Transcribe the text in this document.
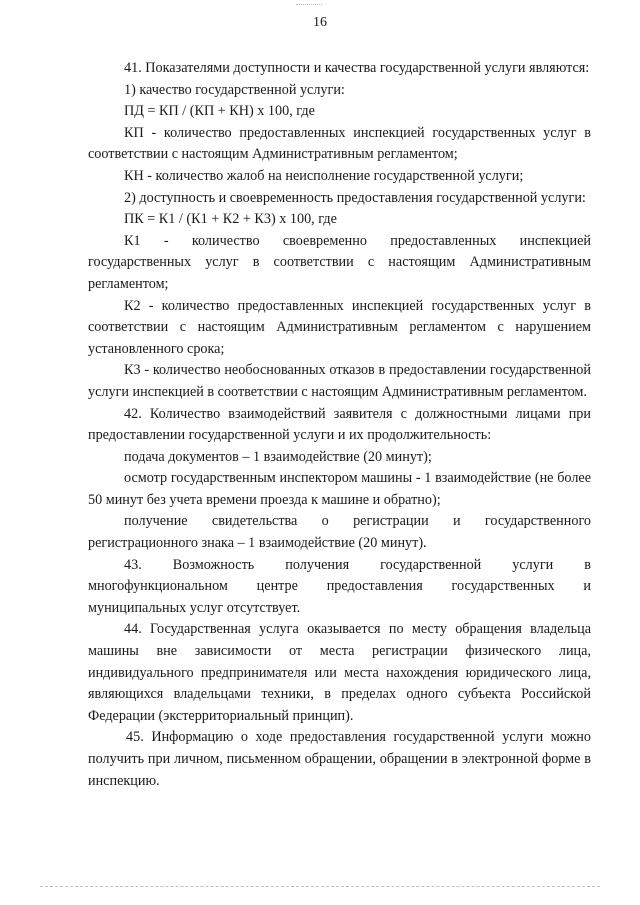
16

41. Показателями доступности и качества государственной услуги являются:

1) качество государственной услуги:

ПД = КП / (КП + КН) х 100, где

КП - количество предоставленных инспекцией государственных услуг в соответствии с настоящим Административным регламентом;

КН - количество жалоб на неисполнение государственной услуги;

2) доступность и своевременность предоставления государственной услуги:

ПК = К1 / (К1 + К2 + К3) х 100, где

К1 - количество своевременно предоставленных инспекцией государственных услуг в соответствии с настоящим Административным регламентом;

К2 - количество предоставленных инспекцией государственных услуг в соответствии с настоящим Административным регламентом с нарушением установленного срока;

К3 - количество необоснованных отказов в предоставлении государственной услуги инспекцией в соответствии с настоящим Административным регламентом.

42. Количество взаимодействий заявителя с должностными лицами при предоставлении государственной услуги и их продолжительность:

подача документов – 1 взаимодействие (20 минут);

осмотр государственным инспектором машины - 1 взаимодействие (не более 50 минут без учета времени проезда к машине и обратно);

получение свидетельства о регистрации и государственного регистрационного знака – 1 взаимодействие (20 минут).

43. Возможность получения государственной услуги в многофункциональном центре предоставления государственных и муниципальных услуг отсутствует.

44. Государственная услуга оказывается по месту обращения владельца машины вне зависимости от места регистрации физического лица, индивидуального предпринимателя или места нахождения юридического лица, являющихся владельцами техники, в пределах одного субъекта Российской Федерации (экстерриториальный принцип).

45. Информацию о ходе предоставления государственной услуги можно получить при личном, письменном обращении, обращении в электронной форме в инспекцию.
